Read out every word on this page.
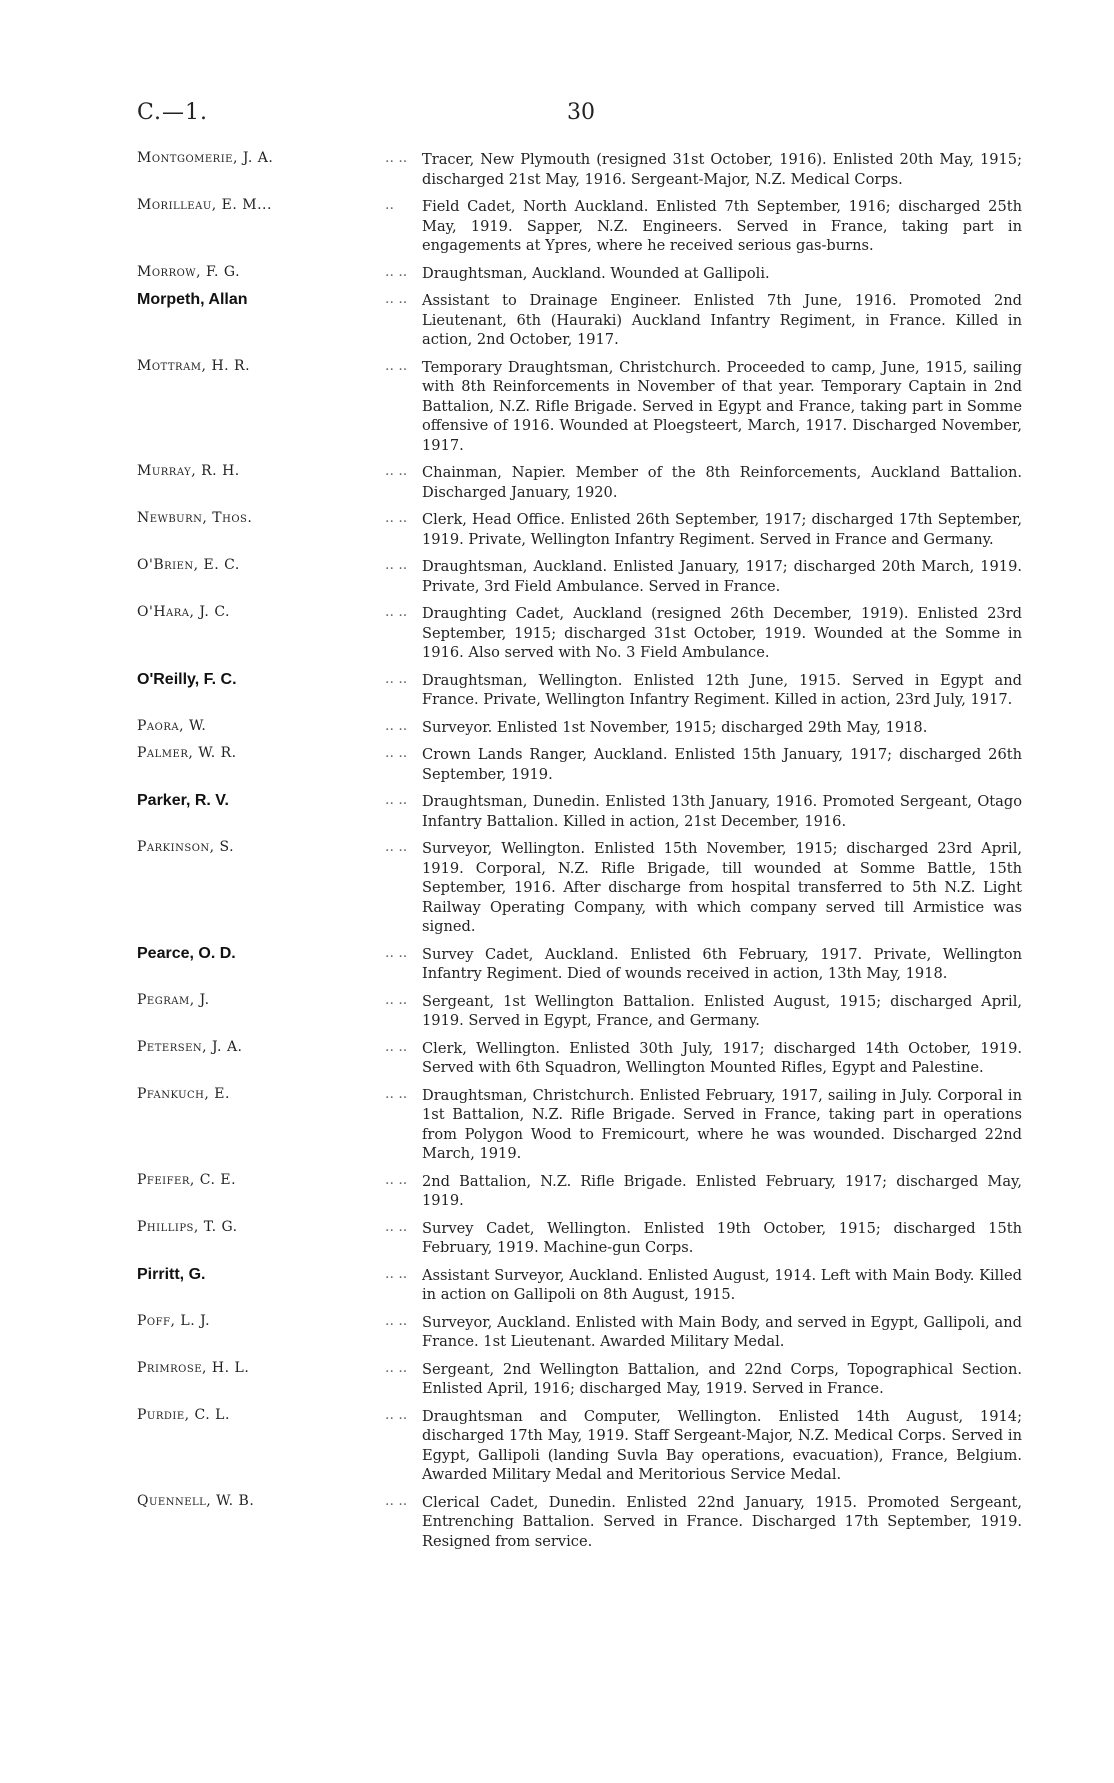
C.—1.	30
Montgomerie, J. A.	.. ..	Tracer, New Plymouth (resigned 31st October, 1916). Enlisted 20th May, 1915; discharged 21st May, 1916. Sergeant-Major, N.Z. Medical Corps.
Morilleau, E. M...	..	Field Cadet, North Auckland. Enlisted 7th September, 1916; discharged 25th May, 1919. Sapper, N.Z. Engineers. Served in France, taking part in engagements at Ypres, where he received serious gas-burns.
Morrow, F. G.	.. ..	Draughtsman, Auckland. Wounded at Gallipoli.
Morpeth, Allan	.. ..	Assistant to Drainage Engineer. Enlisted 7th June, 1916. Promoted 2nd Lieutenant, 6th (Hauraki) Auckland Infantry Regiment, in France. Killed in action, 2nd October, 1917.
Mottram, H. R.	.. ..	Temporary Draughtsman, Christchurch. Proceeded to camp, June, 1915, sailing with 8th Reinforcements in November of that year. Temporary Captain in 2nd Battalion, N.Z. Rifle Brigade. Served in Egypt and France, taking part in Somme offensive of 1916. Wounded at Ploegsteert, March, 1917. Discharged November, 1917.
Murray, R. H.	.. ..	Chainman, Napier. Member of the 8th Reinforcements, Auckland Battalion. Discharged January, 1920.
Newburn, Thos.	.. ..	Clerk, Head Office. Enlisted 26th September, 1917; discharged 17th September, 1919. Private, Wellington Infantry Regiment. Served in France and Germany.
O'Brien, E. C.	.. ..	Draughtsman, Auckland. Enlisted January, 1917; discharged 20th March, 1919. Private, 3rd Field Ambulance. Served in France.
O'Hara, J. C.	.. ..	Draughting Cadet, Auckland (resigned 26th December, 1919). Enlisted 23rd September, 1915; discharged 31st October, 1919. Wounded at the Somme in 1916. Also served with No. 3 Field Ambulance.
O'Reilly, F. C.	.. ..	Draughtsman, Wellington. Enlisted 12th June, 1915. Served in Egypt and France. Private, Wellington Infantry Regiment. Killed in action, 23rd July, 1917.
Paora, W.	.. ..	Surveyor. Enlisted 1st November, 1915; discharged 29th May, 1918.
Palmer, W. R.	.. ..	Crown Lands Ranger, Auckland. Enlisted 15th January, 1917; discharged 26th September, 1919.
Parker, R. V.	.. ..	Draughtsman, Dunedin. Enlisted 13th January, 1916. Promoted Sergeant, Otago Infantry Battalion. Killed in action, 21st December, 1916.
Parkinson, S.	.. ..	Surveyor, Wellington. Enlisted 15th November, 1915; discharged 23rd April, 1919. Corporal, N.Z. Rifle Brigade, till wounded at Somme Battle, 15th September, 1916. After discharge from hospital transferred to 5th N.Z. Light Railway Operating Company, with which company served till Armistice was signed.
Pearce, O. D.	.. ..	Survey Cadet, Auckland. Enlisted 6th February, 1917. Private, Wellington Infantry Regiment. Died of wounds received in action, 13th May, 1918.
Pegram, J.	.. ..	Sergeant, 1st Wellington Battalion. Enlisted August, 1915; discharged April, 1919. Served in Egypt, France, and Germany.
Petersen, J. A.	.. ..	Clerk, Wellington. Enlisted 30th July, 1917; discharged 14th October, 1919. Served with 6th Squadron, Wellington Mounted Rifles, Egypt and Palestine.
Pfankuch, E.	.. ..	Draughtsman, Christchurch. Enlisted February, 1917, sailing in July. Corporal in 1st Battalion, N.Z. Rifle Brigade. Served in France, taking part in operations from Polygon Wood to Fremicourt, where he was wounded. Discharged 22nd March, 1919.
Pfeifer, C. E.	.. ..	2nd Battalion, N.Z. Rifle Brigade. Enlisted February, 1917; discharged May, 1919.
Phillips, T. G.	.. ..	Survey Cadet, Wellington. Enlisted 19th October, 1915; discharged 15th February, 1919. Machine-gun Corps.
Pirritt, G.	.. ..	Assistant Surveyor, Auckland. Enlisted August, 1914. Left with Main Body. Killed in action on Gallipoli on 8th August, 1915.
Poff, L. J.	.. ..	Surveyor, Auckland. Enlisted with Main Body, and served in Egypt, Gallipoli, and France. 1st Lieutenant. Awarded Military Medal.
Primrose, H. L.	.. ..	Sergeant, 2nd Wellington Battalion, and 22nd Corps, Topographical Section. Enlisted April, 1916; discharged May, 1919. Served in France.
Purdie, C. L.	.. ..	Draughtsman and Computer, Wellington. Enlisted 14th August, 1914; discharged 17th May, 1919. Staff Sergeant-Major, N.Z. Medical Corps. Served in Egypt, Gallipoli (landing Suvla Bay operations, evacuation), France, Belgium. Awarded Military Medal and Meritorious Service Medal.
Quennell, W. B.	.. ..	Clerical Cadet, Dunedin. Enlisted 22nd January, 1915. Promoted Sergeant, Entrenching Battalion. Served in France. Discharged 17th September, 1919. Resigned from service.
